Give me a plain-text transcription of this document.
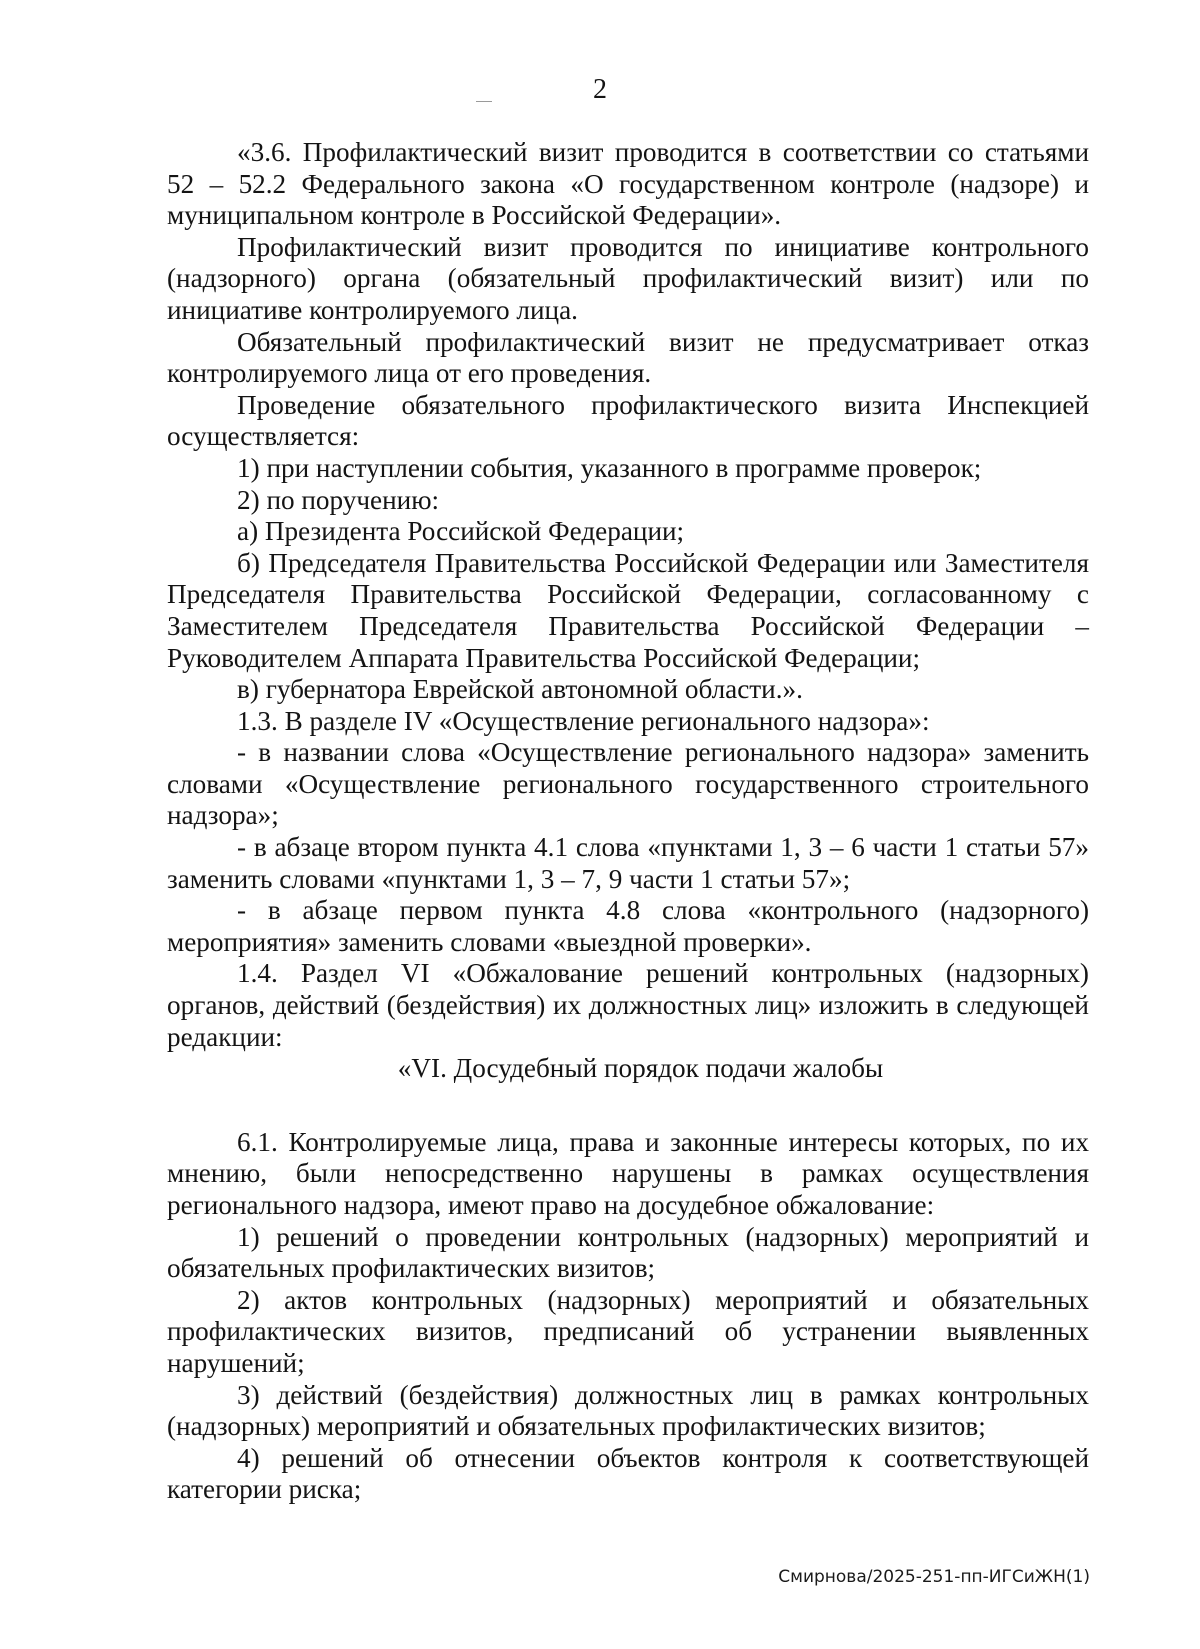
2

«3.6. Профилактический визит проводится в соответствии со статьями 52 – 52.2 Федерального закона «О государственном контроле (надзоре) и муниципальном контроле в Российской Федерации».

Профилактический визит проводится по инициативе контрольного (надзорного) органа (обязательный профилактический визит) или по инициативе контролируемого лица.

Обязательный профилактический визит не предусматривает отказ контролируемого лица от его проведения.

Проведение обязательного профилактического визита Инспекцией осуществляется:

1) при наступлении события, указанного в программе проверок;

2) по поручению:

а) Президента Российской Федерации;

б) Председателя Правительства Российской Федерации или Заместителя Председателя Правительства Российской Федерации, согласованному с Заместителем Председателя Правительства Российской Федерации – Руководителем Аппарата Правительства Российской Федерации;

в) губернатора Еврейской автономной области.».

1.3. В разделе IV «Осуществление регионального надзора»:

- в названии слова «Осуществление регионального надзора» заменить словами «Осуществление регионального государственного строительного надзора»;

- в абзаце втором пункта 4.1 слова «пунктами 1, 3 – 6 части 1 статьи 57» заменить словами «пунктами 1, 3 – 7, 9 части 1 статьи 57»;

- в абзаце первом пункта 4.8 слова «контрольного (надзорного) мероприятия» заменить словами «выездной проверки».

1.4. Раздел VI «Обжалование решений контрольных (надзорных) органов, действий (бездействия) их должностных лиц» изложить в следующей редакции:

«VI. Досудебный порядок подачи жалобы

6.1. Контролируемые лица, права и законные интересы которых, по их мнению, были непосредственно нарушены в рамках осуществления регионального надзора, имеют право на досудебное обжалование:

1) решений о проведении контрольных (надзорных) мероприятий и обязательных профилактических визитов;

2) актов контрольных (надзорных) мероприятий и обязательных профилактических визитов, предписаний об устранении выявленных нарушений;

3) действий (бездействия) должностных лиц в рамках контрольных (надзорных) мероприятий и обязательных профилактических визитов;

4) решений об отнесении объектов контроля к соответствующей категории риска;

Смирнова/2025-251-пп-ИГСиЖН(1)
